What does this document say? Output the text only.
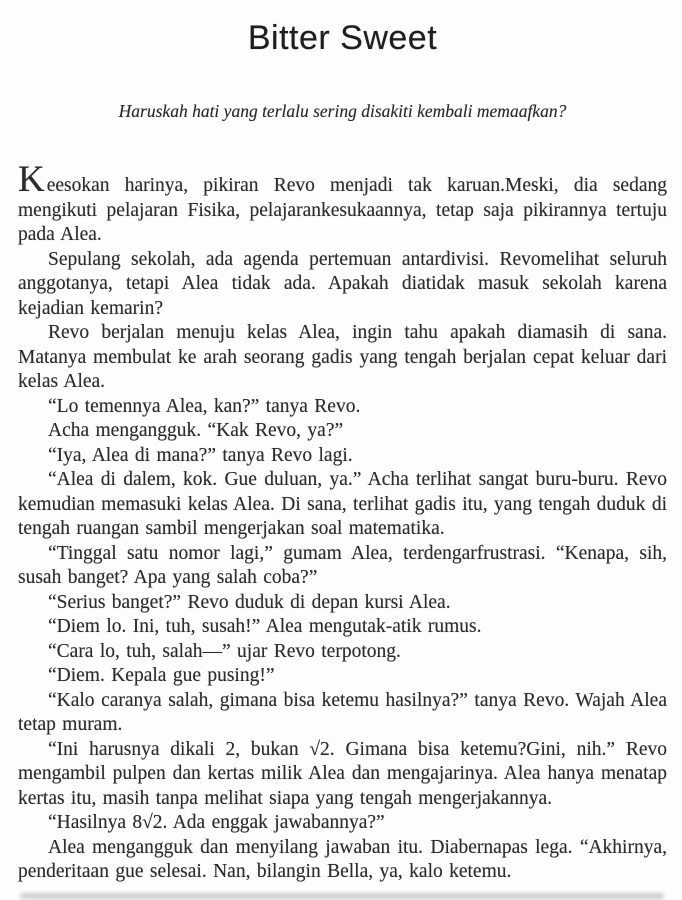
Bitter Sweet

Haruskah hati yang terlalu sering disakiti kembali memaafkan?

Keesokan harinya, pikiran Revo menjadi tak karuan.Meski, dia sedang mengikuti pelajaran Fisika, pelajarankesukaannya, tetap saja pikirannya tertuju pada Alea.

Sepulang sekolah, ada agenda pertemuan antardivisi. Revomelihat seluruh anggotanya, tetapi Alea tidak ada. Apakah diatidak masuk sekolah karena kejadian kemarin?

Revo berjalan menuju kelas Alea, ingin tahu apakah diamasih di sana. Matanya membulat ke arah seorang gadis yang tengah berjalan cepat keluar dari kelas Alea.

“Lo temennya Alea, kan?” tanya Revo.

Acha mengangguk. “Kak Revo, ya?”

“Iya, Alea di mana?” tanya Revo lagi.

“Alea di dalem, kok. Gue duluan, ya.” Acha terlihat sangat buru-buru. Revo kemudian memasuki kelas Alea. Di sana, terlihat gadis itu, yang tengah duduk di tengah ruangan sambil mengerjakan soal matematika.

“Tinggal satu nomor lagi,” gumam Alea, terdengarfrustrasi. “Kenapa, sih, susah banget? Apa yang salah coba?”

“Serius banget?” Revo duduk di depan kursi Alea.

“Diem lo. Ini, tuh, susah!” Alea mengutak-atik rumus.

“Cara lo, tuh, salah—” ujar Revo terpotong.

“Diem. Kepala gue pusing!”

“Kalo caranya salah, gimana bisa ketemu hasilnya?” tanya Revo. Wajah Alea tetap muram.

“Ini harusnya dikali 2, bukan √2. Gimana bisa ketemu?Gini, nih.” Revo mengambil pulpen dan kertas milik Alea dan mengajarinya. Alea hanya menatap kertas itu, masih tanpa melihat siapa yang tengah mengerjakannya.

“Hasilnya 8√2. Ada enggak jawabannya?”

Alea mengangguk dan menyilang jawaban itu. Diabernapas lega. “Akhirnya, penderitaan gue selesai. Nan, bilangin Bella, ya, kalo ketemu.
